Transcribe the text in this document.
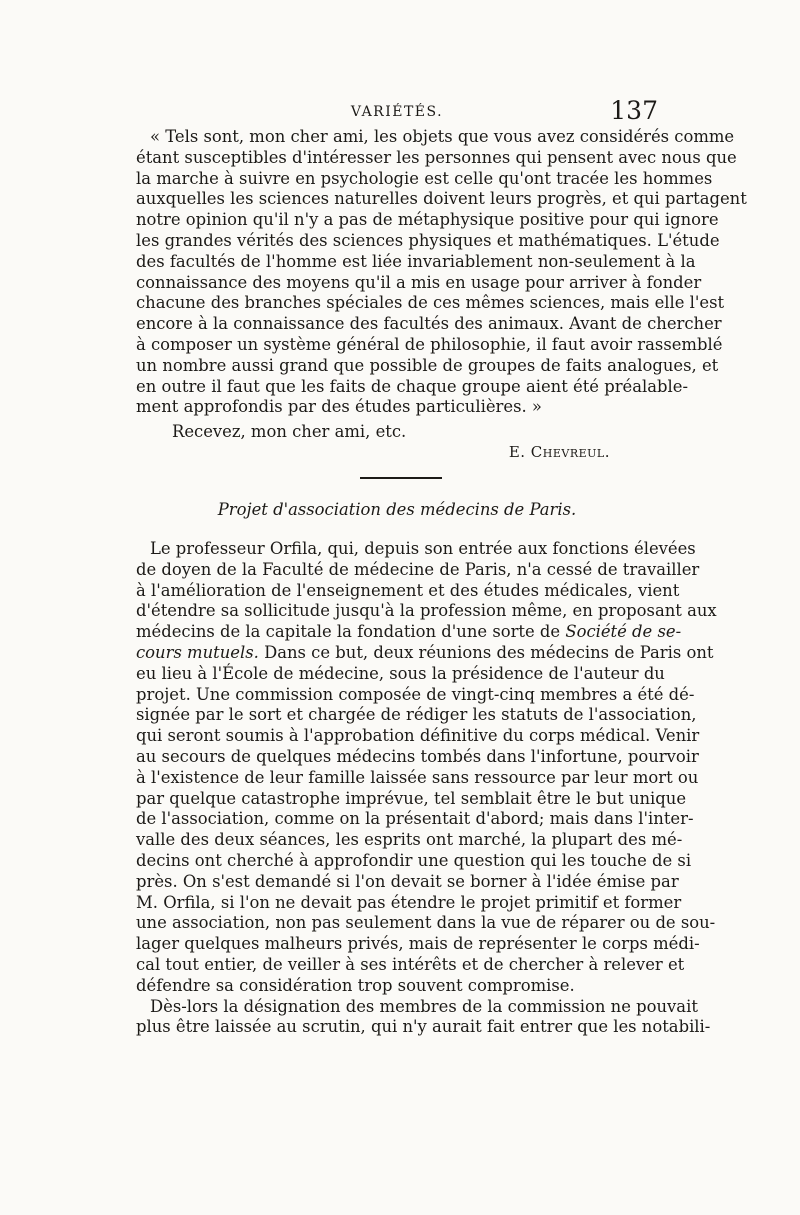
VARIÉTÉS.	137
« Tels sont, mon cher ami, les objets que vous avez considérés comme
étant susceptibles d'intéresser les personnes qui pensent avec nous que
la marche à suivre en psychologie est celle qu'ont tracée les hommes
auxquelles les sciences naturelles doivent leurs progrès, et qui partagent
notre opinion qu'il n'y a pas de métaphysique positive pour qui ignore
les grandes vérités des sciences physiques et mathématiques. L'étude
des facultés de l'homme est liée invariablement non-seulement à la
connaissance des moyens qu'il a mis en usage pour arriver à fonder
chacune des branches spéciales de ces mêmes sciences, mais elle l'est
encore à la connaissance des facultés des animaux. Avant de chercher
à composer un système général de philosophie, il faut avoir rassemblé
un nombre aussi grand que possible de groupes de faits analogues, et
en outre il faut que les faits de chaque groupe aient été préalable-
ment approfondis par des études particulières. »
Recevez, mon cher ami, etc.
E. Chevreul.
Projet d'association des médecins de Paris.
Le professeur Orfila, qui, depuis son entrée aux fonctions élevées
de doyen de la Faculté de médecine de Paris, n'a cessé de travailler
à l'amélioration de l'enseignement et des études médicales, vient
d'étendre sa sollicitude jusqu'à la profession même, en proposant aux
médecins de la capitale la fondation d'une sorte de Société de se-
cours mutuels. Dans ce but, deux réunions des médecins de Paris ont
eu lieu à l'École de médecine, sous la présidence de l'auteur du
projet. Une commission composée de vingt-cinq membres a été dé-
signée par le sort et chargée de rédiger les statuts de l'association,
qui seront soumis à l'approbation définitive du corps médical. Venir
au secours de quelques médecins tombés dans l'infortune, pourvoir
à l'existence de leur famille laissée sans ressource par leur mort ou
par quelque catastrophe imprévue, tel semblait être le but unique
de l'association, comme on la présentait d'abord; mais dans l'inter-
valle des deux séances, les esprits ont marché, la plupart des mé-
decins ont cherché à approfondir une question qui les touche de si
près. On s'est demandé si l'on devait se borner à l'idée émise par
M. Orfila, si l'on ne devait pas étendre le projet primitif et former
une association, non pas seulement dans la vue de réparer ou de sou-
lager quelques malheurs privés, mais de représenter le corps médi-
cal tout entier, de veiller à ses intérêts et de chercher à relever et
défendre sa considération trop souvent compromise.
Dès-lors la désignation des membres de la commission ne pouvait
plus être laissée au scrutin, qui n'y aurait fait entrer que les notabili-
